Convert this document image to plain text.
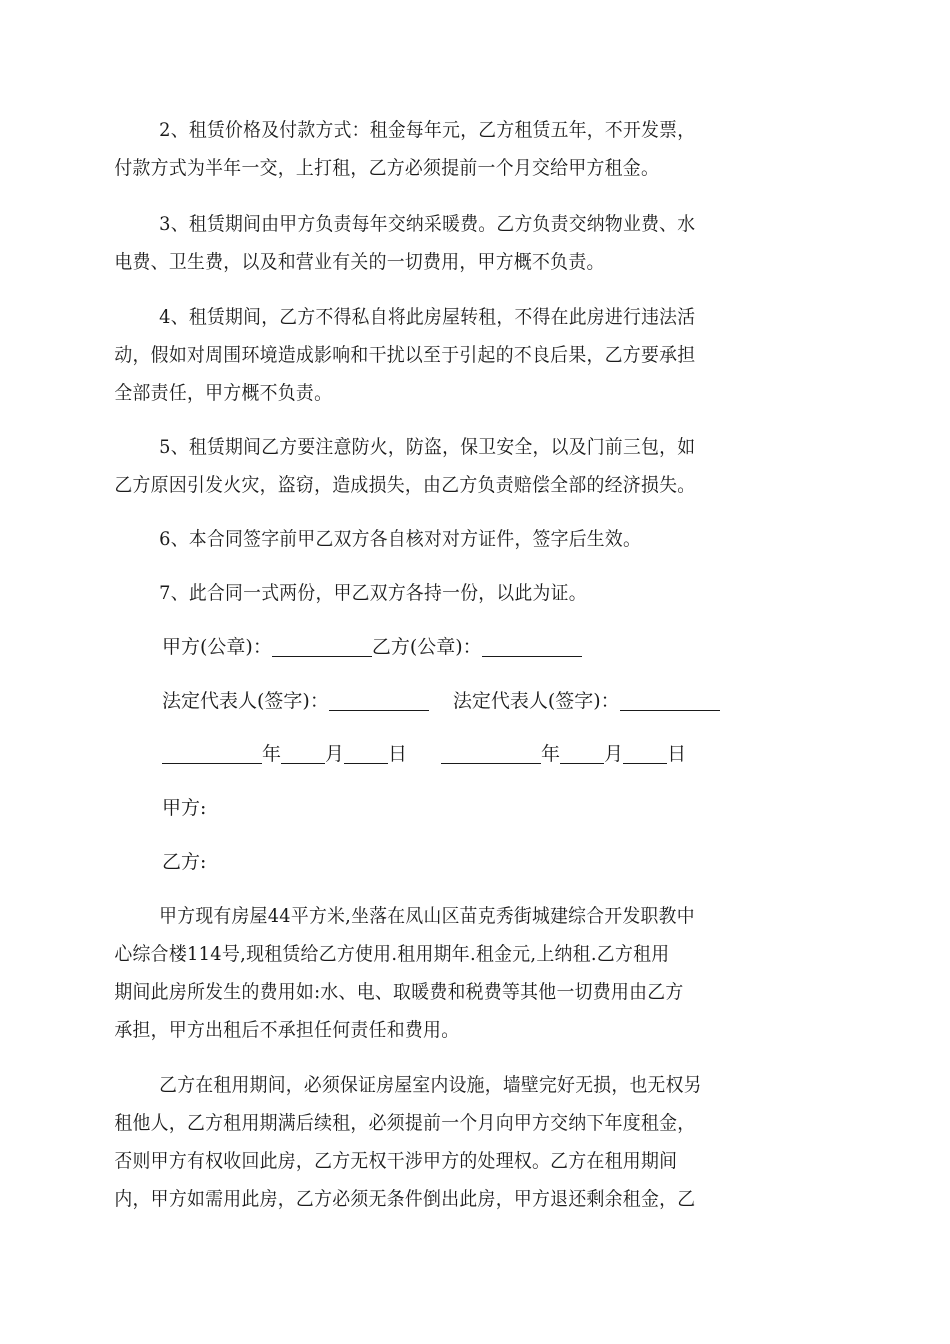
2、租赁价格及付款方式：租金每年元，乙方租赁五年，不开发票，
付款方式为半年一交，上打租，乙方必须提前一个月交给甲方租金。

3、租赁期间由甲方负责每年交纳采暖费。乙方负责交纳物业费、水
电费、卫生费，以及和营业有关的一切费用，甲方概不负责。

4、租赁期间，乙方不得私自将此房屋转租，不得在此房进行违法活
动，假如对周围环境造成影响和干扰以至于引起的不良后果，乙方要承担
全部责任，甲方概不负责。

5、租赁期间乙方要注意防火，防盗，保卫安全，以及门前三包，如
乙方原因引发火灾，盗窃，造成损失，由乙方负责赔偿全部的经济损失。

6、本合同签字前甲乙双方各自核对对方证件，签字后生效。

7、此合同一式两份，甲乙双方各持一份，以此为证。

甲方(公章)：	乙方(公章)：
法定代表人(签字)：	法定代表人(签字)：
年 月 日	年 月 日
甲方:
乙方:

甲方现有房屋44平方米,坐落在凤山区苗克秀街城建综合开发职教中
心综合楼114号,现租赁给乙方使用.租用期年.租金元,上纳租.乙方租用
期间此房所发生的费用如:水、电、取暖费和税费等其他一切费用由乙方
承担，甲方出租后不承担任何责任和费用。

乙方在租用期间，必须保证房屋室内设施，墙壁完好无损，也无权另
租他人，乙方租用期满后续租，必须提前一个月向甲方交纳下年度租金，
否则甲方有权收回此房，乙方无权干涉甲方的处理权。乙方在租用期间
内，甲方如需用此房，乙方必须无条件倒出此房，甲方退还剩余租金，乙
